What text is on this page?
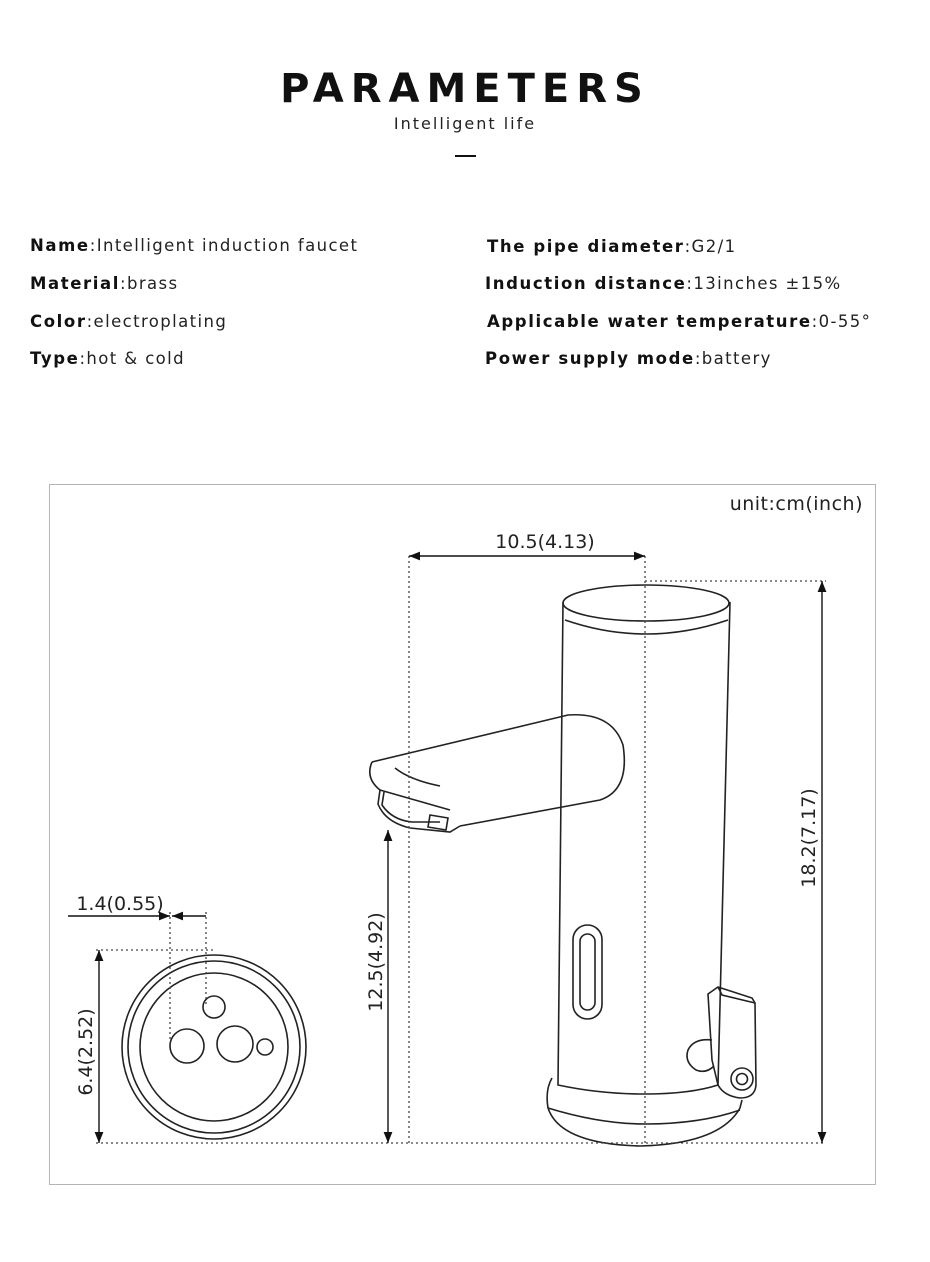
PARAMETERS
Intelligent life
Name:Intelligent induction faucet
Material:brass
Color:electroplating
Type:hot & cold
The pipe diameter:G2/1
Induction distance:13inches ±15%
Applicable water temperature:0-55°
Power supply mode:battery
unit:cm(inch)
10.5(4.13)
18.2(7.17)
12.5(4.92)
1.4(0.55)
6.4(2.52)
